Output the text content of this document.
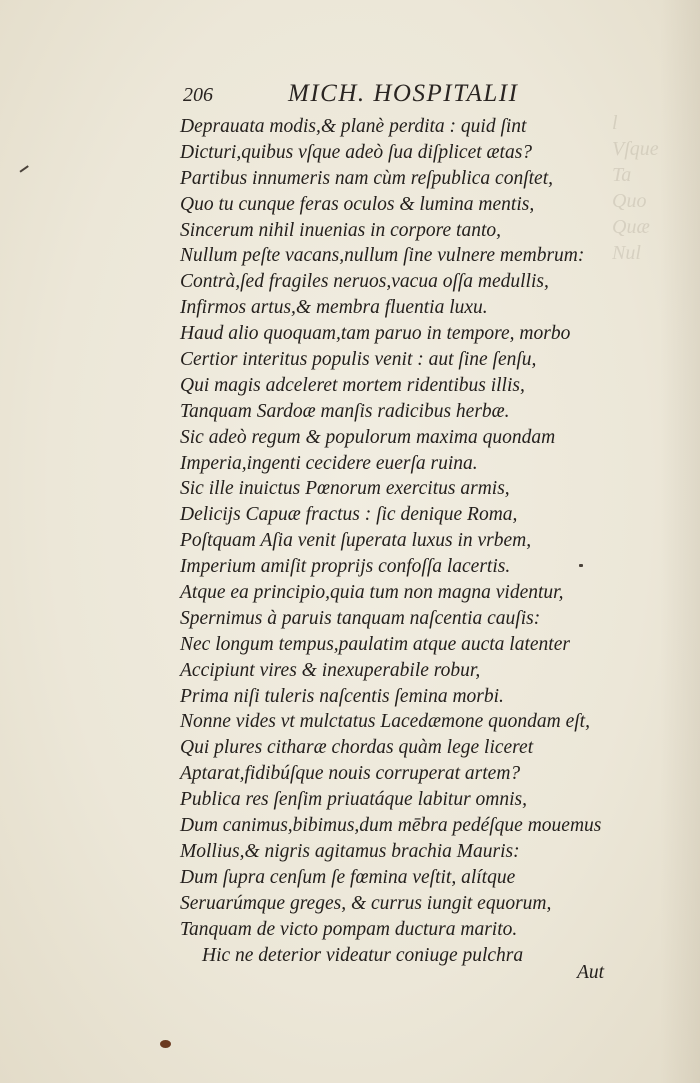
l
Vſque
Ta
Quo
Quæ
Nul
206	MICH. HOSPITALII
Deprauata modis,& planè perdita : quid ſint
Dicturi,quibus vſque adeò ſua diſplicet ætas?
Partibus innumeris nam cùm reſpublica conſtet,
Quo tu cunque feras oculos & lumina mentis,
Sincerum nihil inuenias in corpore tanto,
Nullum peſte vacans,nullum ſine vulnere membrum:
Contrà,ſed fragiles neruos,vacua oſſa medullis,
Infirmos artus,& membra fluentia luxu.
Haud alio quoquam,tam paruo in tempore, morbo
Certior interitus populis venit : aut ſine ſenſu,
Qui magis adceleret mortem ridentibus illis,
Tanquam Sardoæ manſis radicibus herbæ.
Sic adeò regum & populorum maxima quondam
Imperia,ingenti cecidere euerſa ruina.
Sic ille inuictus Pœnorum exercitus armis,
Delicijs Capuæ fractus : ſic denique Roma,
Poſtquam Aſia venit ſuperata luxus in vrbem,
Imperium amiſit proprijs confoſſa lacertis.
Atque ea principio,quia tum non magna videntur,
Spernimus à paruis tanquam naſcentia cauſis:
Nec longum tempus,paulatim atque aucta latenter
Accipiunt vires & inexuperabile robur,
Prima niſi tuleris naſcentis ſemina morbi.
Nonne vides vt mulctatus Lacedæmone quondam eſt,
Qui plures citharæ chordas quàm lege liceret
Aptarat,fidibúſque nouis corruperat artem?
Publica res ſenſim priuatáque labitur omnis,
Dum canimus,bibimus,dum mēbra pedéſque mouemus
Mollius,& nigris agitamus brachia Mauris:
Dum ſupra cenſum ſe fœmina veſtit, alítque
Seruarúmque greges, & currus iungit equorum,
Tanquam de victo pompam ductura marito.
Hic ne deterior videatur coniuge pulchra
Aut
